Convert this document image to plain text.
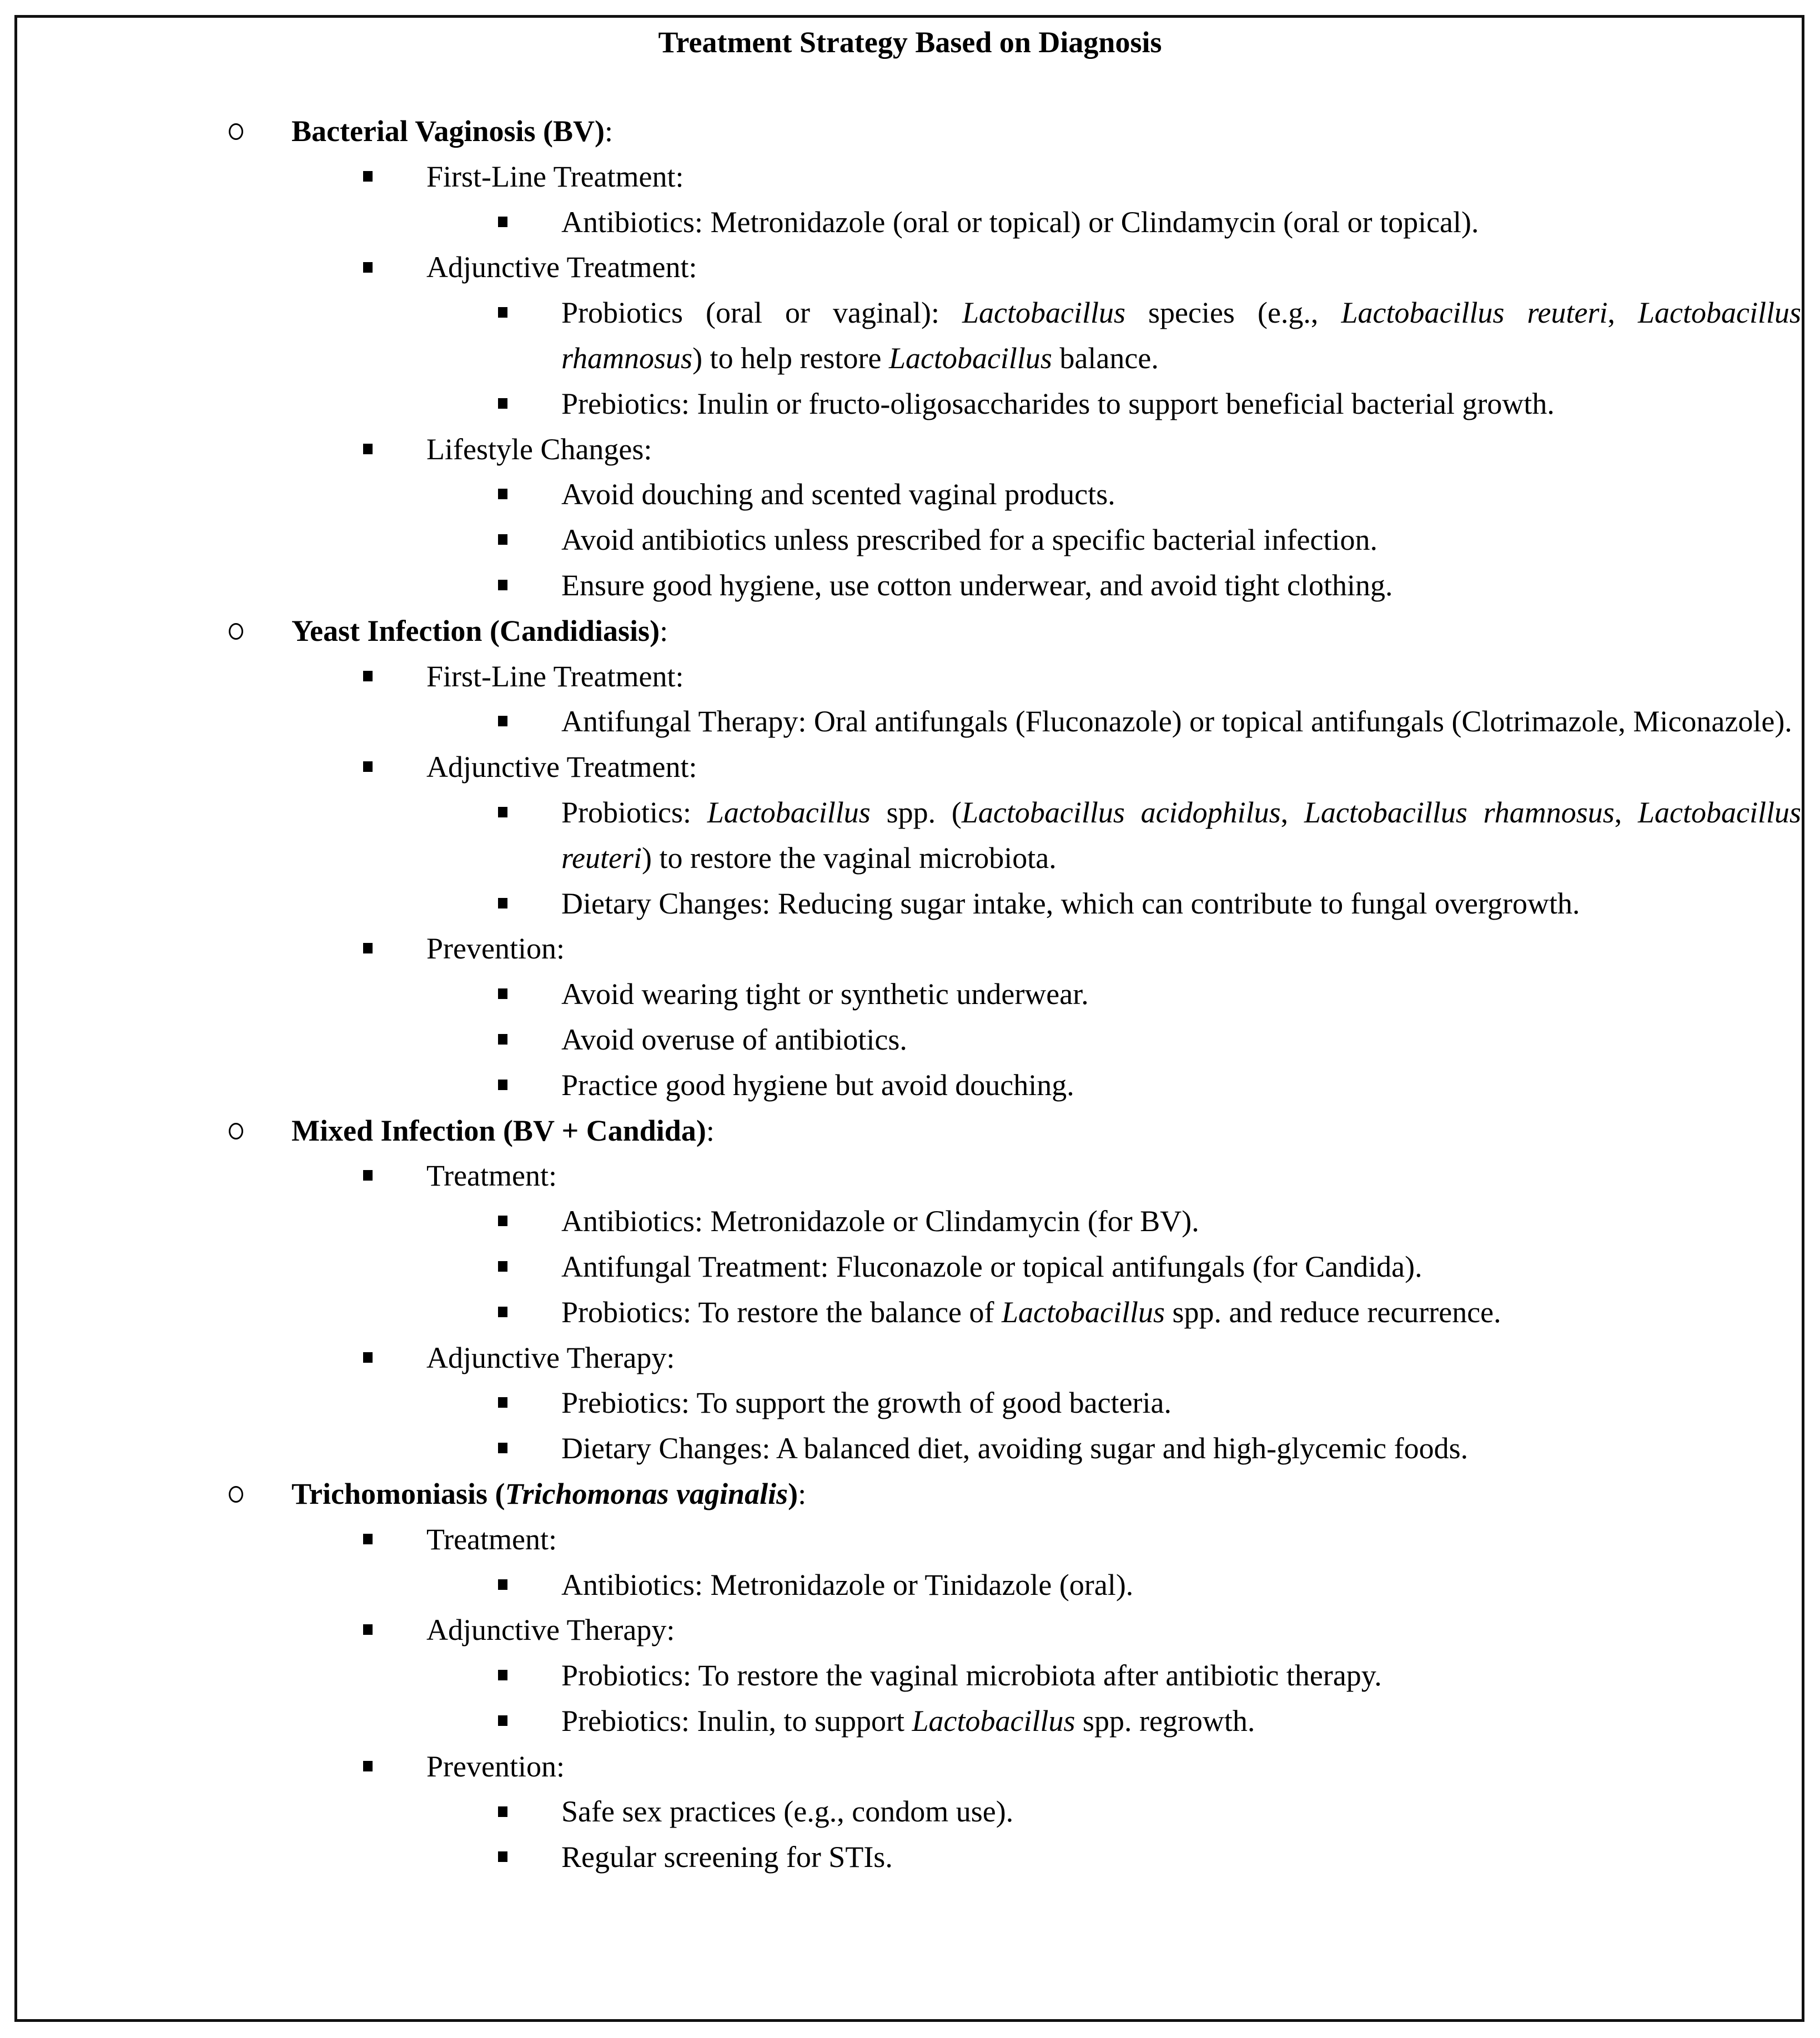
Treatment Strategy Based on Diagnosis
Bacterial Vaginosis (BV):
First-Line Treatment:
Antibiotics: Metronidazole (oral or topical) or Clindamycin (oral or topical).
Adjunctive Treatment:
Probiotics (oral or vaginal): Lactobacillus species (e.g., Lactobacillus reuteri, Lactobacillus rhamnosus) to help restore Lactobacillus balance.
Prebiotics: Inulin or fructo-oligosaccharides to support beneficial bacterial growth.
Lifestyle Changes:
Avoid douching and scented vaginal products.
Avoid antibiotics unless prescribed for a specific bacterial infection.
Ensure good hygiene, use cotton underwear, and avoid tight clothing.
Yeast Infection (Candidiasis):
First-Line Treatment:
Antifungal Therapy: Oral antifungals (Fluconazole) or topical antifungals (Clotrimazole, Miconazole).
Adjunctive Treatment:
Probiotics: Lactobacillus spp. (Lactobacillus acidophilus, Lactobacillus rhamnosus, Lactobacillus reuteri) to restore the vaginal microbiota.
Dietary Changes: Reducing sugar intake, which can contribute to fungal overgrowth.
Prevention:
Avoid wearing tight or synthetic underwear.
Avoid overuse of antibiotics.
Practice good hygiene but avoid douching.
Mixed Infection (BV + Candida):
Treatment:
Antibiotics: Metronidazole or Clindamycin (for BV).
Antifungal Treatment: Fluconazole or topical antifungals (for Candida).
Probiotics: To restore the balance of Lactobacillus spp. and reduce recurrence.
Adjunctive Therapy:
Prebiotics: To support the growth of good bacteria.
Dietary Changes: A balanced diet, avoiding sugar and high-glycemic foods.
Trichomoniasis (Trichomonas vaginalis):
Treatment:
Antibiotics: Metronidazole or Tinidazole (oral).
Adjunctive Therapy:
Probiotics: To restore the vaginal microbiota after antibiotic therapy.
Prebiotics: Inulin, to support Lactobacillus spp. regrowth.
Prevention:
Safe sex practices (e.g., condom use).
Regular screening for STIs.
